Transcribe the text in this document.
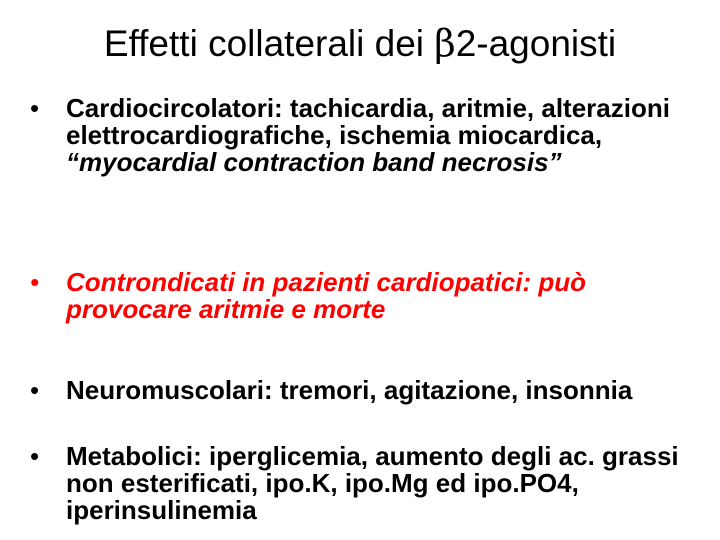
Effetti collaterali dei β2-agonisti
•	Cardiocircolatori: tachicardia, aritmie, alterazioni elettrocardiografiche, ischemia miocardica, “myocardial contraction band necrosis”
•	Controndicati in pazienti cardiopatici: può provocare aritmie e morte
•	Neuromuscolari: tremori, agitazione, insonnia
•	Metabolici: iperglicemia, aumento degli ac. grassi non esterificati, ipo.K, ipo.Mg ed ipo.PO4, iperinsulinemia
